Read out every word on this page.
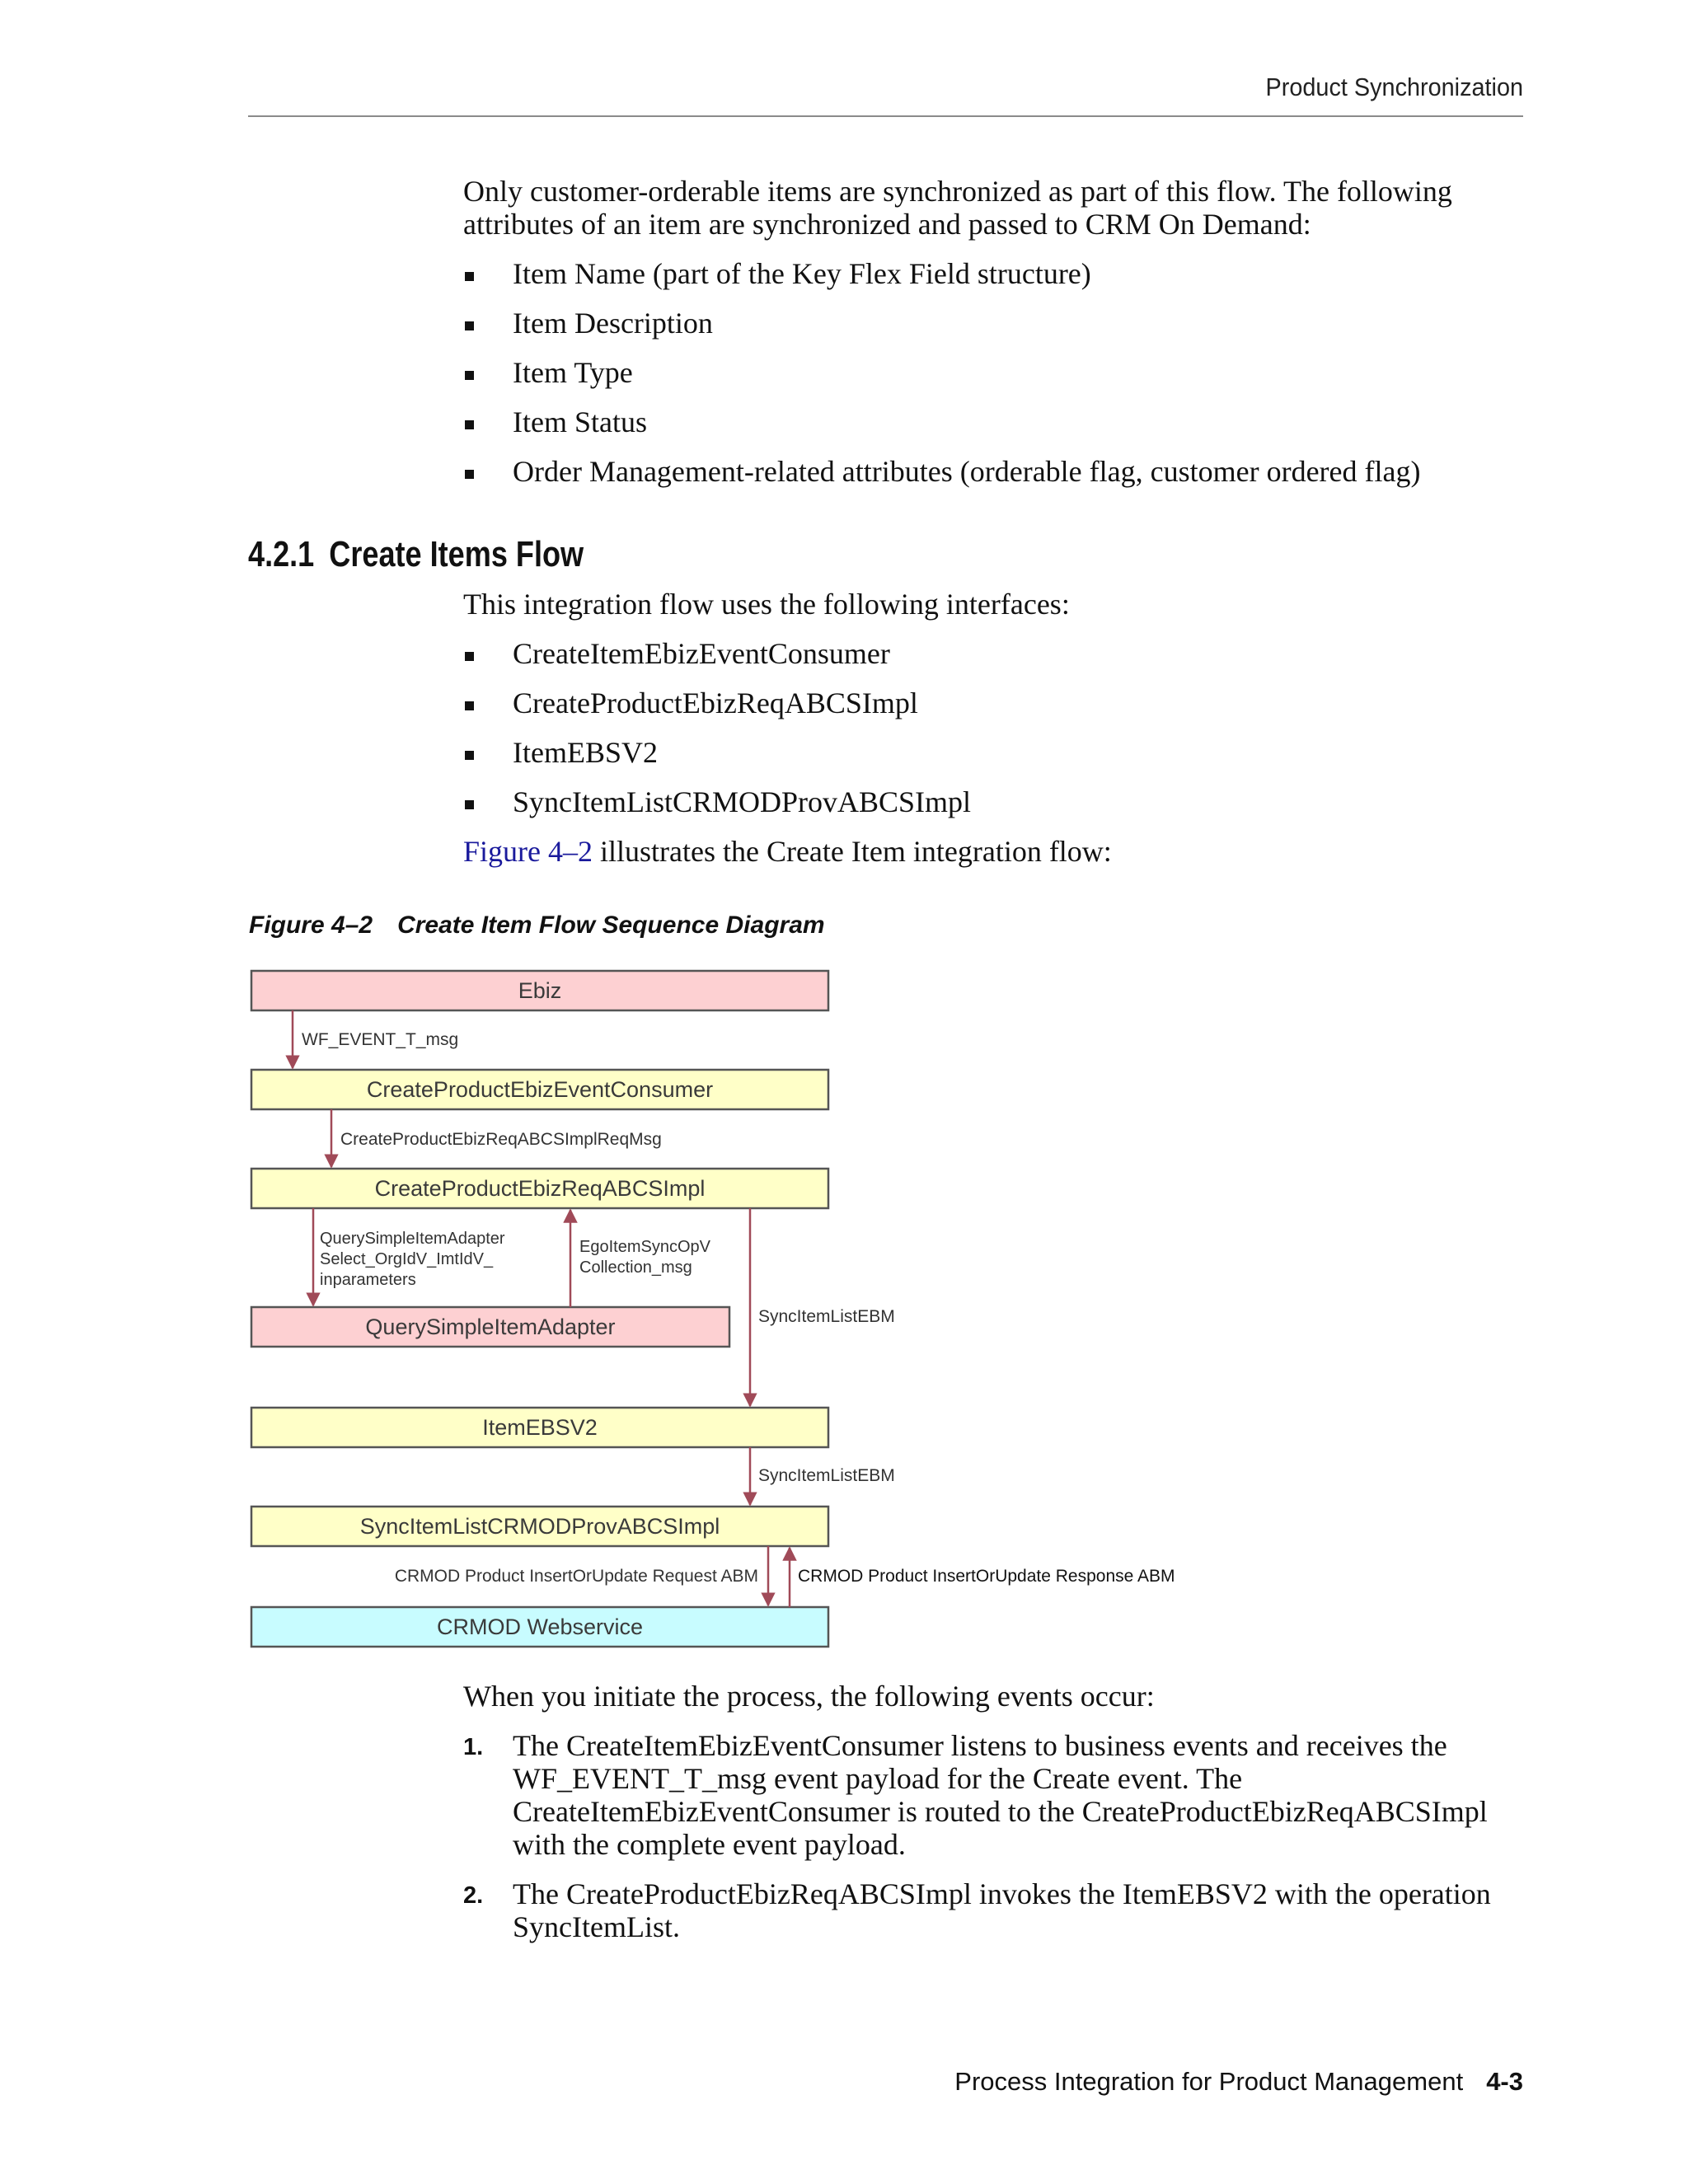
Product Synchronization

Only customer-orderable items are synchronized as part of this flow. The following attributes of an item are synchronized and passed to CRM On Demand:

Item Name (part of the Key Flex Field structure)
Item Description
Item Type
Item Status
Order Management-related attributes (orderable flag, customer ordered flag)
4.2.1 Create Items Flow

This integration flow uses the following interfaces:

CreateItemEbizEventConsumer
CreateProductEbizReqABCSImpl
ItemEBSV2
SyncItemListCRMODProvABCSImpl

Figure 4–2 illustrates the Create Item integration flow:

Figure 4–2 Create Item Flow Sequence Diagram
Ebiz
CreateProductEbizEventConsumer
CreateProductEbizReqABCSImpl
QuerySimpleItemAdapter
ItemEBSV2
SyncItemListCRMODProvABCSImpl
CRMOD Webservice
WF_EVENT_T_msg
CreateProductEbizReqABCSImplReqMsg
QuerySimpleItemAdapter Select_OrgIdV_ImtIdV_ inparameters
EgoItemSyncOpV Collection_msg
SyncItemListEBM
SyncItemListEBM
CRMOD Product InsertOrUpdate Request ABM CRMOD Product InsertOrUpdate Response ABM

When you initiate the process, the following events occur:

1. The CreateItemEbizEventConsumer listens to business events and receives the WF_EVENT_T_msg event payload for the Create event. The CreateItemEbizEventConsumer is routed to the CreateProductEbizReqABCSImpl with the complete event payload.
2. The CreateProductEbizReqABCSImpl invokes the ItemEBSV2 with the operation SyncItemList.
Process Integration for Product Management 4-3
